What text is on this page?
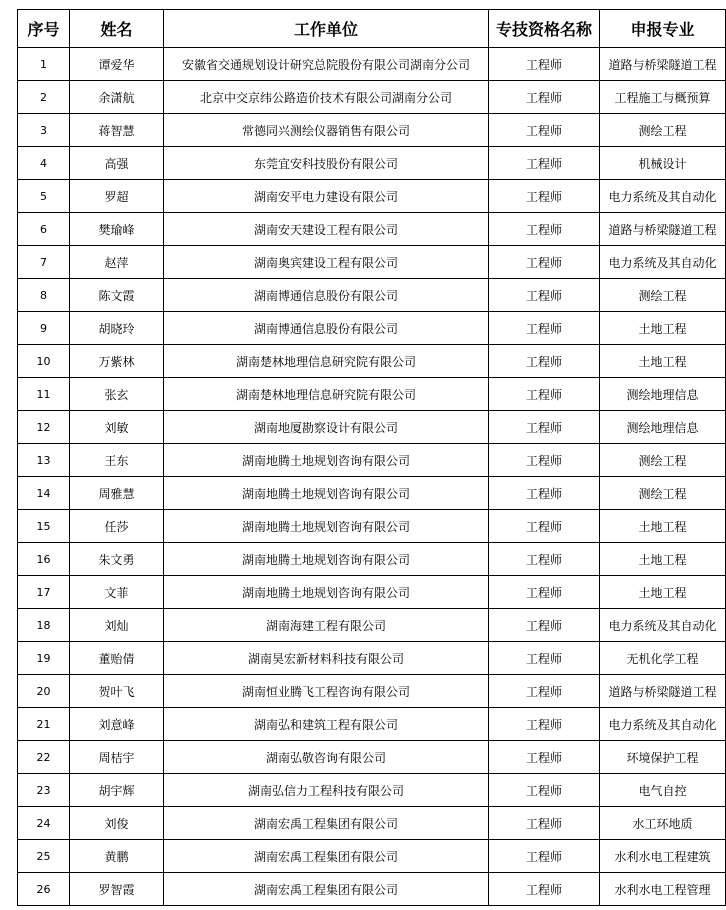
序号	姓名	工作单位	专技资格名称	申报专业
1	谭爱华	安徽省交通规划设计研究总院股份有限公司湖南分公司	工程师	道路与桥梁隧道工程
2	余潇航	北京中交京纬公路造价技术有限公司湖南分公司	工程师	工程施工与概预算
3	蒋智慧	常德同兴测绘仪器销售有限公司	工程师	测绘工程
4	高强	东莞宜安科技股份有限公司	工程师	机械设计
5	罗超	湖南安平电力建设有限公司	工程师	电力系统及其自动化
6	樊瑜峰	湖南安天建设工程有限公司	工程师	道路与桥梁隧道工程
7	赵萍	湖南奥宾建设工程有限公司	工程师	电力系统及其自动化
8	陈文霞	湖南博通信息股份有限公司	工程师	测绘工程
9	胡晓玲	湖南博通信息股份有限公司	工程师	土地工程
10	万紫林	湖南楚林地理信息研究院有限公司	工程师	土地工程
11	张玄	湖南楚林地理信息研究院有限公司	工程师	测绘地理信息
12	刘敏	湖南地厦勘察设计有限公司	工程师	测绘地理信息
13	王东	湖南地腾土地规划咨询有限公司	工程师	测绘工程
14	周雅慧	湖南地腾土地规划咨询有限公司	工程师	测绘工程
15	任莎	湖南地腾土地规划咨询有限公司	工程师	土地工程
16	朱文勇	湖南地腾土地规划咨询有限公司	工程师	土地工程
17	文菲	湖南地腾土地规划咨询有限公司	工程师	土地工程
18	刘灿	湖南海建工程有限公司	工程师	电力系统及其自动化
19	董贻倩	湖南昊宏新材料科技有限公司	工程师	无机化学工程
20	贺叶飞	湖南恒业腾飞工程咨询有限公司	工程师	道路与桥梁隧道工程
21	刘意峰	湖南弘和建筑工程有限公司	工程师	电力系统及其自动化
22	周桔宇	湖南弘敬咨询有限公司	工程师	环境保护工程
23	胡宇辉	湖南弘信力工程科技有限公司	工程师	电气自控
24	刘俊	湖南宏禹工程集团有限公司	工程师	水工环地质
25	黄鹏	湖南宏禹工程集团有限公司	工程师	水利水电工程建筑
26	罗智霞	湖南宏禹工程集团有限公司	工程师	水利水电工程管理
